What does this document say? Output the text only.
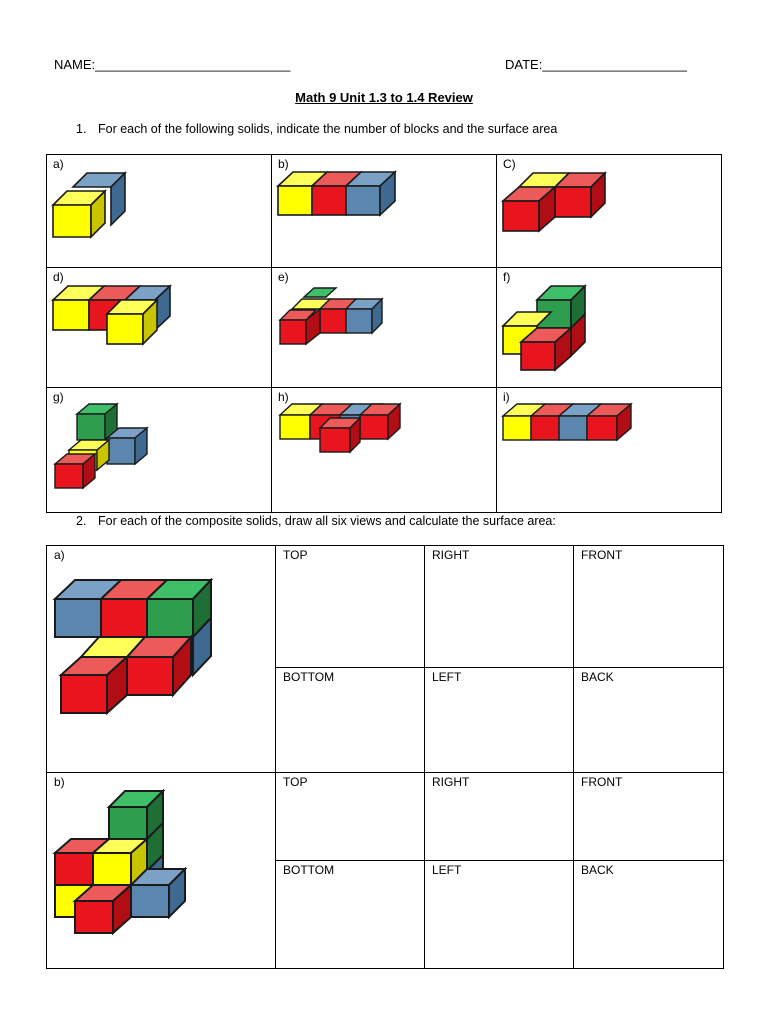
NAME:___________________________	DATE:____________________
Math 9 Unit 1.3 to 1.4 Review
1. For each of the following solids, indicate the number of blocks and the surface area
a)	b)	C)

d)	e)	f)

g)	h)	i)
2. For each of the composite solids, draw all six views and calculate the surface area:
a)	TOP	RIGHT	FRONT

	BOTTOM	LEFT	BACK

b)	TOP	RIGHT	FRONT

	BOTTOM	LEFT	BACK
